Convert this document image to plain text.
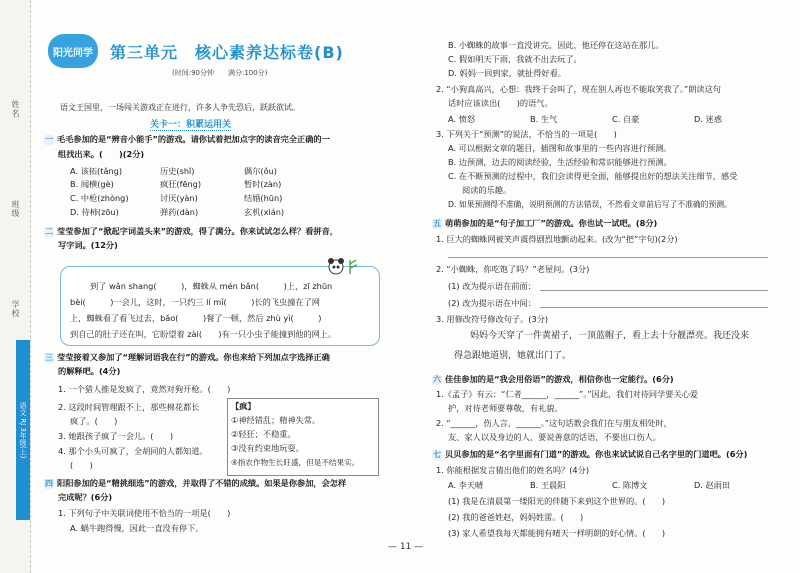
姓名
班级
学校
语文 RJ 3年级(上)
阳光同学	第三单元　核心素养达标卷(B)
(时间:90分钟　　满分:100分)
语文王国里，一场闯关游戏正在进行，许多人争先恐后，跃跃欲试。
关卡一：积累运用关
一 毛毛参加的是“辨音小能手”的游戏。请你试着把加点字的读音完全正确的一
组找出来。(　　)(2分)
A. 该拓(tǎng)	历史(shǐ)	偶尔(ǒu)
B. 闻横(gè)	疯狂(fēng)	暂时(zàn)
C. 中枪(zhòng)	讨厌(yàn)	结婚(hūn)
D. 待柿(zōu)	弹药(dàn)	玄机(xián)
二 莹莹参加了“掀起字词盖头来”的游戏，得了满分。你来试试怎么样？看拼音，
写字词。(12分)
到了 wǎn shang(　　　)，蜘蛛从 mén bǎn(　　　)上，zī zhūn
bèi(　　　)一会儿，这时，一只约三 lí mǐ(　　　)长的飞虫撞在了网
上，蜘蛛看了看飞过去，bǎo(　　　)餐了一顿，然后 zhù yì(　　　)
到自己的肚子还在叫，它盼望着 zài(　　)有一只小虫子能撞到他的网上。
三 莹莹接着又参加了“理解词语我在行”的游戏。你也来给下列加点字选择正确
的解释吧。(4分)
1. 一个猎人推是发疯了，竟然对狗开枪。(　　)
2. 这段时间管理跟不上，那些棉花都长
疯了。(　　)
3. 她跟孩子疯了一会儿。(　　)
4. 那个小头可疯了，全胡同的人都知道。
(　　)
【疯】
①神经错乱；精神失常。
②轻狂；不稳重。
③没有约束地玩耍。
④指农作物生长旺盛，但是不结果实。
四 阳阳参加的是“精挑细选”的游戏，并取得了不错的成绩。如果是你参加，会怎样
完成呢？(6分)
1. 下列句子中关联词使用不恰当的一项是(　　)
A. 蜗牛跑得慢，因此一直没有停下。
B. 小蜘蛛的故事一直没讲完，因此，他还停在这站在那儿。
C. 假如明天下雨，我就不出去玩了。
D. 妈妈一回到家，就扯得好看。
2. “小狗真高兴，心想：我终于会叫了，现在别人再也不能取笑我了。”朗读这句
话时应该读出(　　)的语气。
A. 愤怒	B. 生气	C. 自豪	D. 迷惑
3. 下列关于“预测”的说法，不恰当的一项是(　　)
A. 可以根据文章的题目，插图和故事里的一些内容进行预测。
B. 边预测，边去的阅读经验，生活经验和常识能够进行预测。
C. 在不断预测的过程中，我们会读得更全面，能够提出好的想法关注细节，感受
阅读的乐趣。
D. 如果预测得不准确，说明预测的方法错误，不然看文章前后写了不准确的预测。
五 萌萌参加的是“句子加工厂”的游戏。你也试一试吧。(8分)
1. 巨大的蜘蛛网被笑声震得剧烈地颤动起来。(改为“把”字句)(2分)
2. “小蜘蛛，你吃饱了吗？”老屋问。(3分)
(1) 改为提示语在前面：
(2) 改为提示语在中间：
3. 用修改符号修改句子。(3分)
妈妈今天穿了一件黄裙子，一顶蓝帽子，看上去十分靓漂亮。我还没来
得急跟她道别，她就出门了。
六 佳佳参加的是“我会用俗语”的游戏，相信你也一定能行。(6分)
1.《孟子》有云：“仁者______，______”。”因此，我们对待同学要关心爱
护，对待老师要尊敬，有礼貌。
2. “______，伤人言，______。”这句话教会我们在与朋友相处时，
友、家人以及身边的人，要说善意的话语，不要出口伤人。
七 贝贝参加的是“名字里面有门道”的游戏。你也来试试说自己名字里的门道吧。(6分)
1. 你能根据发言猜出他们的姓名吗？(4分)
A. 李天晴	B. 王晨阳	C. 陈博文	D. 赵雨田
(1) 我是在清晨第一缕阳光的伴随下来到这个世界的。(　　)
(2) 我的爸爸姓赵，妈妈姓雷。(　　)
(3) 家人希望我每天都能拥有晴天一样明朗的好心情。(　　)
— 11 —
